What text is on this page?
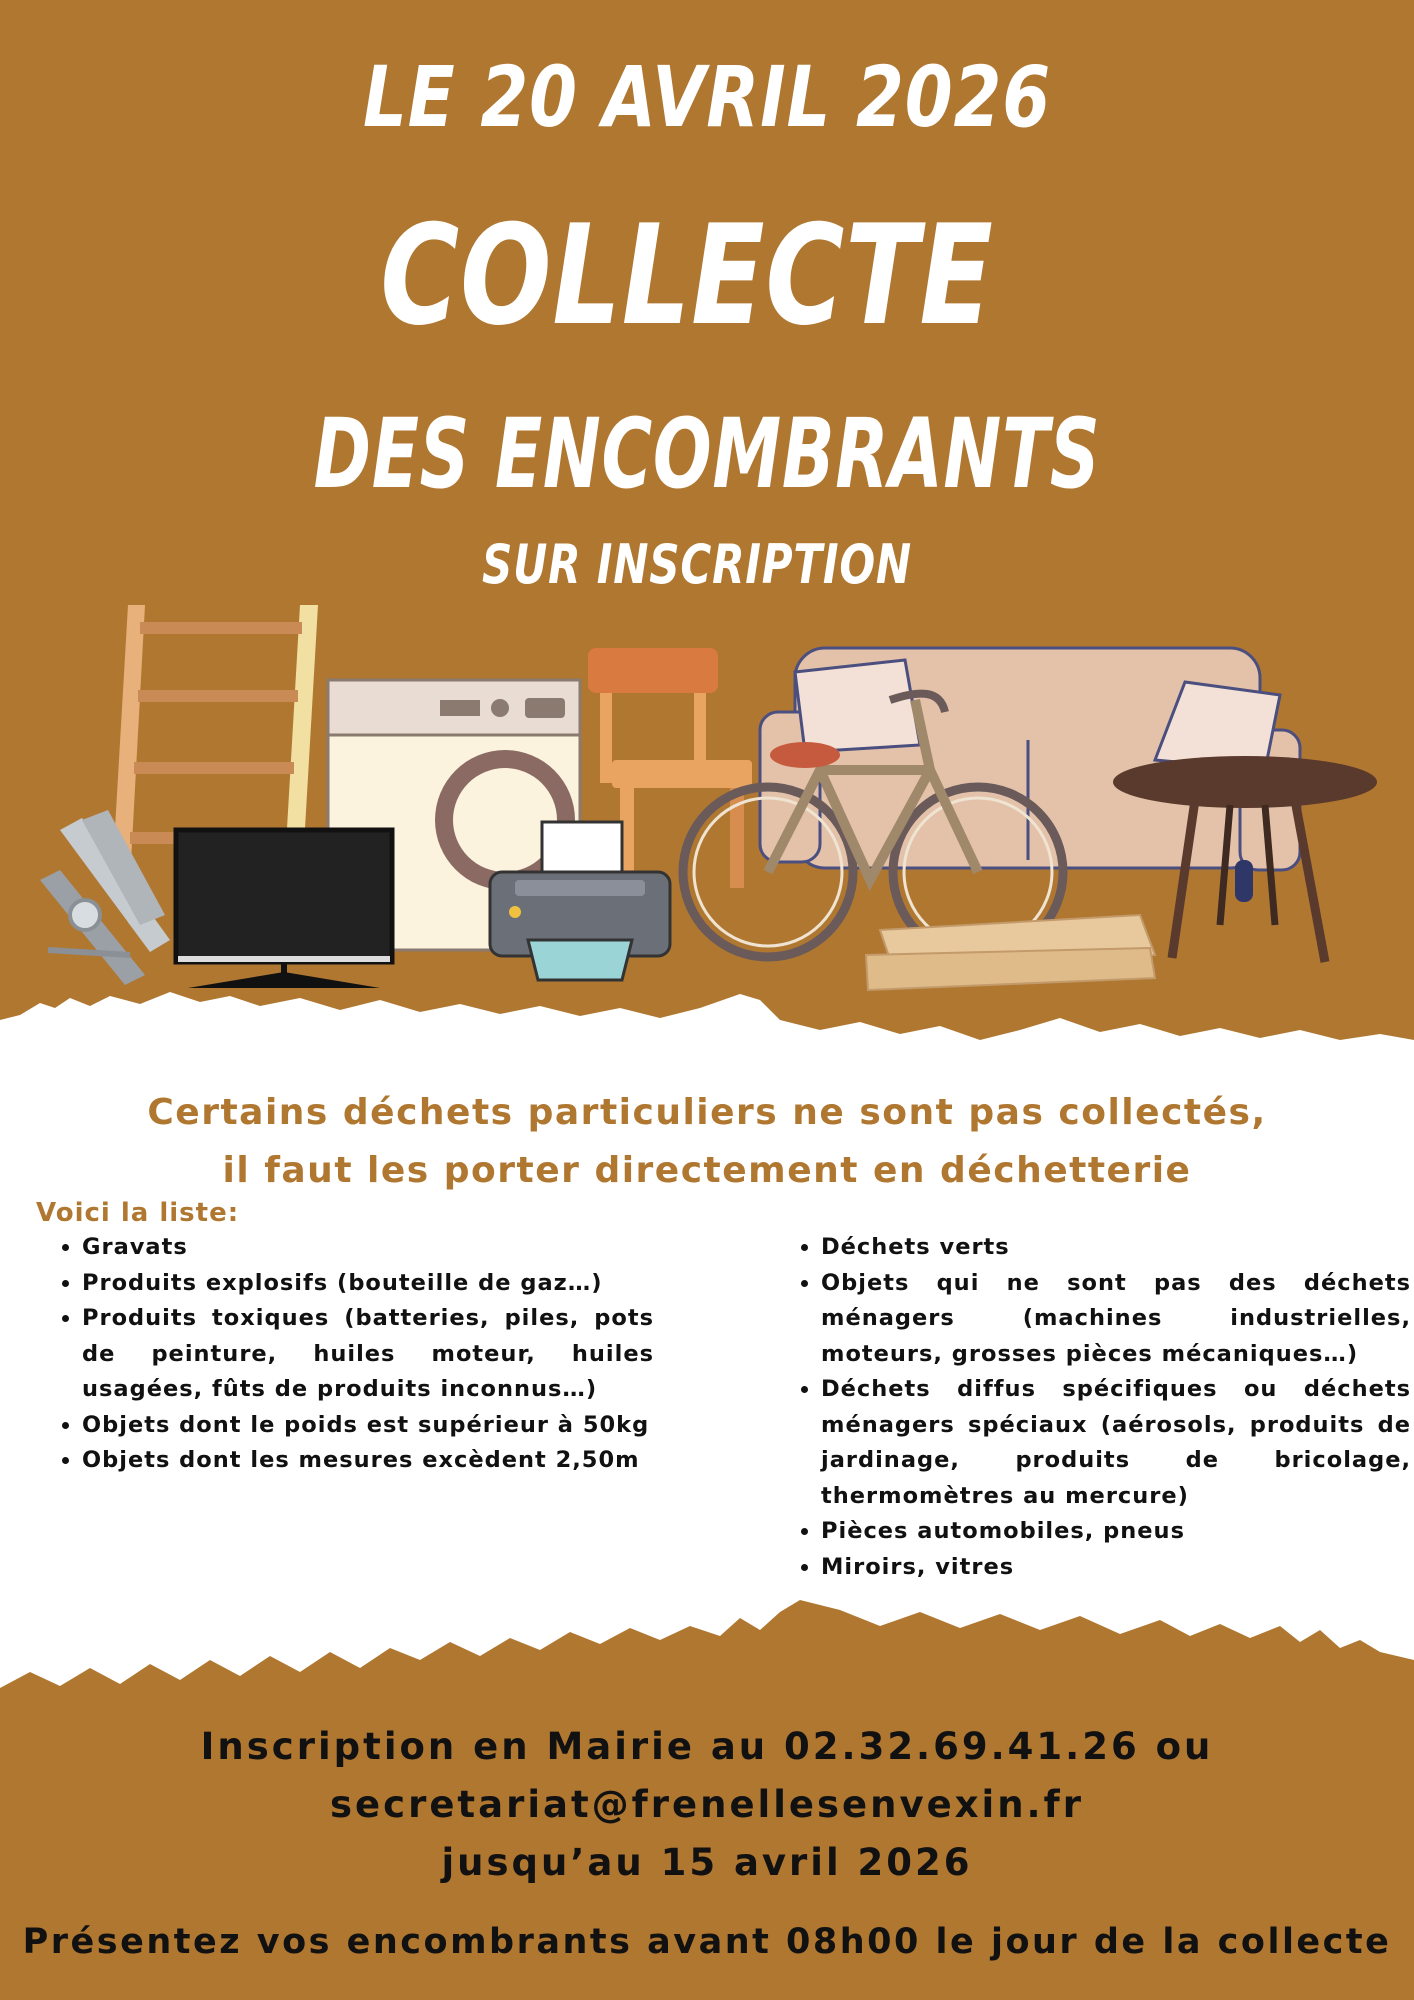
LE 20 AVRIL 2026
COLLECTE
DES ENCOMBRANTS
SUR INSCRIPTION
Certains déchets particuliers ne sont pas collectés,
il faut les porter directement en déchetterie
Voici la liste:
• Gravats
• Produits explosifs (bouteille de gaz…)
• Produits toxiques (batteries, piles, pots de peinture, huiles moteur, huiles usagées, fûts de produits inconnus…)
• Objets dont le poids est supérieur à 50kg
• Objets dont les mesures excèdent 2,50m
• Déchets verts
• Objets qui ne sont pas des déchets ménagers (machines industrielles, moteurs, grosses pièces mécaniques…)
• Déchets diffus spécifiques ou déchets ménagers spéciaux (aérosols, produits de jardinage, produits de bricolage, thermomètres au mercure)
• Pièces automobiles, pneus
• Miroirs, vitres
Inscription en Mairie au 02.32.69.41.26 ou
secretariat@frenellesenvexin.fr
jusqu’au 15 avril 2026
Présentez vos encombrants avant 08h00 le jour de la collecte
